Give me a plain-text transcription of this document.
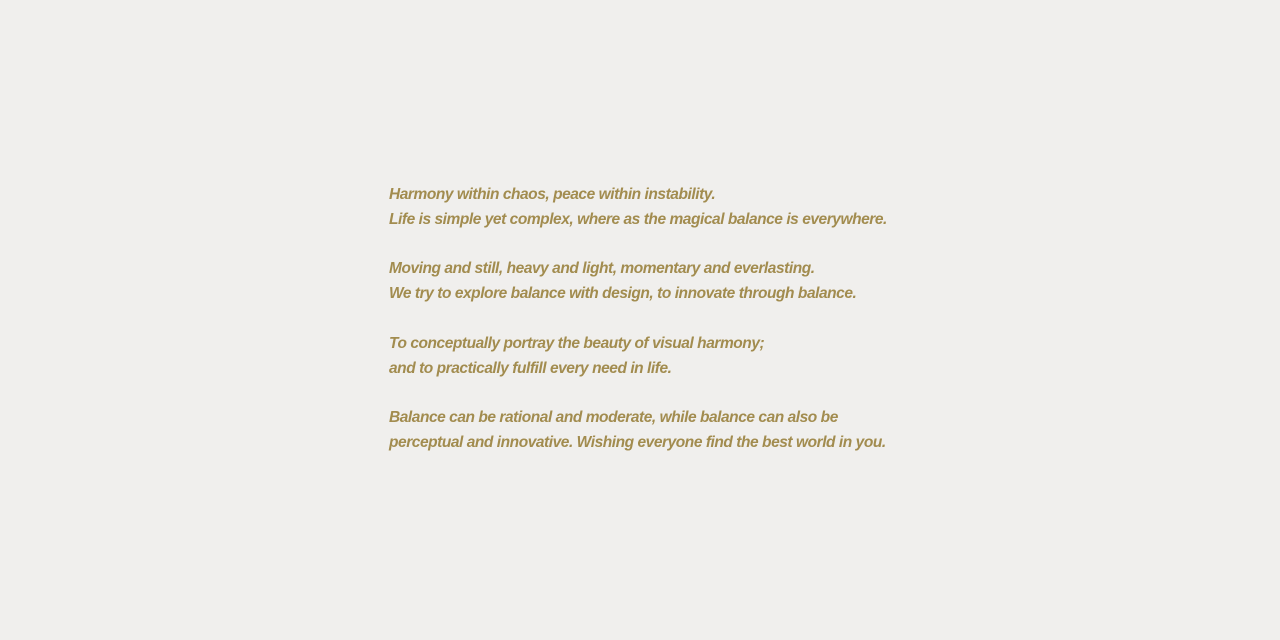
Harmony within chaos, peace within instability.
Life is simple yet complex, where as the magical balance is everywhere.

Moving and still, heavy and light, momentary and everlasting.
We try to explore balance with design, to innovate through balance.

To conceptually portray the beauty of visual harmony;
and to practically fulfill every need in life.

Balance can be rational and moderate, while balance can also be
perceptual and innovative. Wishing everyone find the best world in you.
